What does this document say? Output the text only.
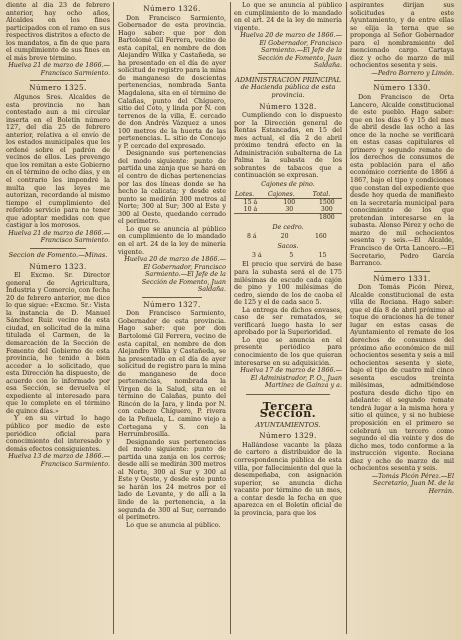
diente al día 23 de febrero anterior, hay ocho años, Alcaldes en los fines participados con el ramo en sus respectivos distritos a efecto de los mandatos, a fin de que para el cumplimiento de sus fines en el más breve término.

Huelva 21 de marzo de 1866.—Francisco Sarmiento.

Número 1325.

Algunos Sres. Alcaldes de esta provincia no han contestado aun a mi circular inserta en el Boletín número 127, del día 25 de febrero anterior, relativa a el envío de los estados municipales que les ordené sobre el padrón de vecinos de ellos. Les prevengo que los remitan a este Gobierno en el término de ocho días, y en el contrario les impondré la multa que las leyes me autorizan, recordando al mismo tiempo el cumplimiento del referido servicio para no tener que adoptar medidas con que castigar a los morosos.

Huelva 21 de marzo de 1866.—Francisco Sarmiento.

Seccion de Fomento.—Minas.
Número 1323.

El Excmo. Sr. Director general de Agricultura, Industria y Comercio, con fecha 20 de febrero anterior, me dice lo que sigue: «Excmo. Sr.: Vista la instancia de D. Manuel Sánchez Ruiz vecino de esta ciudad, en solicitud de la mina titulada el Carmen, de la demarcación de la Sección de Fomento del Gobierno de esta provincia, he tenido a bien acceder a lo solicitado, que esta Dirección ha dispuesto, de acuerdo con lo informado por esa Sección, se devuelva el expediente al interesado para que lo complete en el término de quince días.»

Y en su virtud lo hago público por medio de este periódico oficial para conocimiento del interesado y demás efectos consiguientes.

Huelva 13 de marzo de 1866.—Francisco Sarmiento.

Número 1326.

Don Francisco Sarmiento, Gobernador de esta provincia. Hago saber: que por don Bartolomé Gil Ferrera, vecino de esta capital, en nombre de don Alejandro Wilka y Castañeda, se ha presentado en el día de ayer solicitud de registro para la mina de manganeso de doscientas pertenencias, nombrada Santa Magdalena, sita en el término de Calañas, punto del Chíguero, sitio del Coto, y linda por N. con terrenos de la villa, E. cercado de don Andrés Vázquez a unos 100 metros de la huerta de las pertenencias. L. sitio de Concejo y P. cercado del expresado.

Designando sus pertenencias del modo siguiente: punto de partida una zanja que se hará en el centro de dichas pertenencias por las dos líneas donde se ha hecho la calicata; y desde este punto se medirán 300 metros al Norte; 300 al Sur; 300 al Este y 300 al Oeste, quedando cerrado el perímetro.

Lo que se anuncia al público en cumplimiento de lo mandado en el art. 24 de la ley de minería vigente.

Huelva 20 de marzo de 1866.—El Gobernador, Francisco Sarmiento.—El Jefe de la Sección de Fomento, Juan Saldaña.

Número 1327.

Don Francisco Sarmiento, Gobernador de esta provincia. Hago saber: que por don Bartolomé Gil Ferrera, vecino de esta capital, en nombre de don Alejandro Wilka y Castañeda, se ha presentado en el día de ayer solicitud de registro para la mina de manganeso de doce pertenencias, nombrada la Virgen de la Salud, sita en el término de Calañas, punto del Rincón de la Jara, y linda por N. con cabezo Chíguero, P. rivera de la Peñuela, L. camino viejo a Cortegana y S. con la Herrumbrosilla.

Designando sus pertenencias del modo siguiente: punto de partida una zanja en los cerros; desde allí se medirán 300 metros al Norte, 300 al Sur y 300 al Este y Oeste, y desde este punto se harán los 24 metros por el lado de Levante, y de allí a la linde de la pertenencia, a la segunda de 300 al Sur, cerrando el perímetro.

Lo que se anuncia al público.

Lo que se anuncia al público en cumplimiento de lo mandado en el art. 24 de la ley de minería vigente.

Huelva 20 de marzo de 1866.—El Gobernador, Francisco Sarmiento.—El Jefe de la Sección de Fomento, Juan Saldaña.

ADMINISTRACION PRINCIPAL de Hacienda pública de esta provincia.
Número 1328.

Cumpliendo con lo dispuesto por la Dirección general de Rentas Estancadas, en 15 del mes actual, el día 2 de abril próximo tendrá efecto en la Administración subalterna de La Palma la subasta de los sobrantes de tabacos que a continuación se expresan.

Cajones de pino.
Lotes.	Cajones.	Total.
15 á	100	1500
10 á	30	300
		1800
De cedro.
8 á	20	160
Sacos.
3 á	5	15

El precio que servirá de base para la subasta será el de 175 milésimas de escudo cada cajón de pino y 100 milésimas de cedro, siendo de los de caoba el de 125 y el de cada saco 5.

La entrega de dichos envases, caso de ser rematados, se verificará luego hasta lo ser aprobado por la Superioridad.

Lo que se anuncia en el presente periódico para conocimiento de los que quieran interesarse en su adquisición.

Huelva 17 de marzo de 1866.—El Administrador, P. O., Juan Martínez de Gaínza y a.

Tercera Seccion.
AYUNTAMIENTOS.
Número 1329.

Hallándose vacante la plaza de cartero a distribuidor de la correspondencia pública de esta villa, por fallecimiento del que la desempeñaba, con asignación superior, se anuncia dicha vacante por término de un mes, a contar desde la fecha en que aparezca en el Boletín oficial de la provincia, para que los

aspirantes dirijan sus solicitudes a este Ayuntamiento, y de entre ellas se elija la terna que se proponga al Señor Gobernador para el nombramiento del mencionado cargo. Cartaya diez y ocho de marzo de mil ochocientos sesenta y seis.

—Pedro Borrero y Limón.

Número 1330.

Don Francisco de Orta Lancero, Alcalde constitucional de este pueblo. Hago saber: que en los días 6 y 15 del mes de abril desde las ocho a las once de la noche se verificará en estas casas capitulares el primero y segundo remate de los derechos de consumos de esta población para el año económico corriente de 1866 á 1867, bajo el tipo y condiciones que constan del expediente que desde hoy queda de manifiesto en la secretaría municipal para conocimiento de los que pretendan interesarse en la subasta. Alonso Pérez y ocho de marzo de mil ochocientos sesenta y seis.—El Alcalde, Francisco de Orta Lancero.—El Secretario, Pedro García Barranco.

Número 1331.

Don Tomás Picón Pérez, Alcalde constitucional de esta villa de Rociana. Hago saber: que el día 8 de abril próximo al toque de oraciones ha de tener lugar en estas casas de Ayuntamiento el remate de los derechos de consumos del próximo año económico de mil ochocientos sesenta y seis a mil ochocientos sesenta y siete, bajo el tipo de cuatro mil cinco sesenta escudos treinta milésimas, admitiéndose postura desde dicho tipo en adelante: el segundo remate tendrá lugar a la misma hora y sitio el quince, y si no hubiese proposición en el primero se celebrará un tercero como segundo el día veinte y dos de dicho mes, todo conforme a la instrucción vigente. Rociana diez y ocho de marzo de mil ochocientos sesenta y seis.

—Tomás Picón Pérez.—El Secretario, Juan M. de la Herrán.
